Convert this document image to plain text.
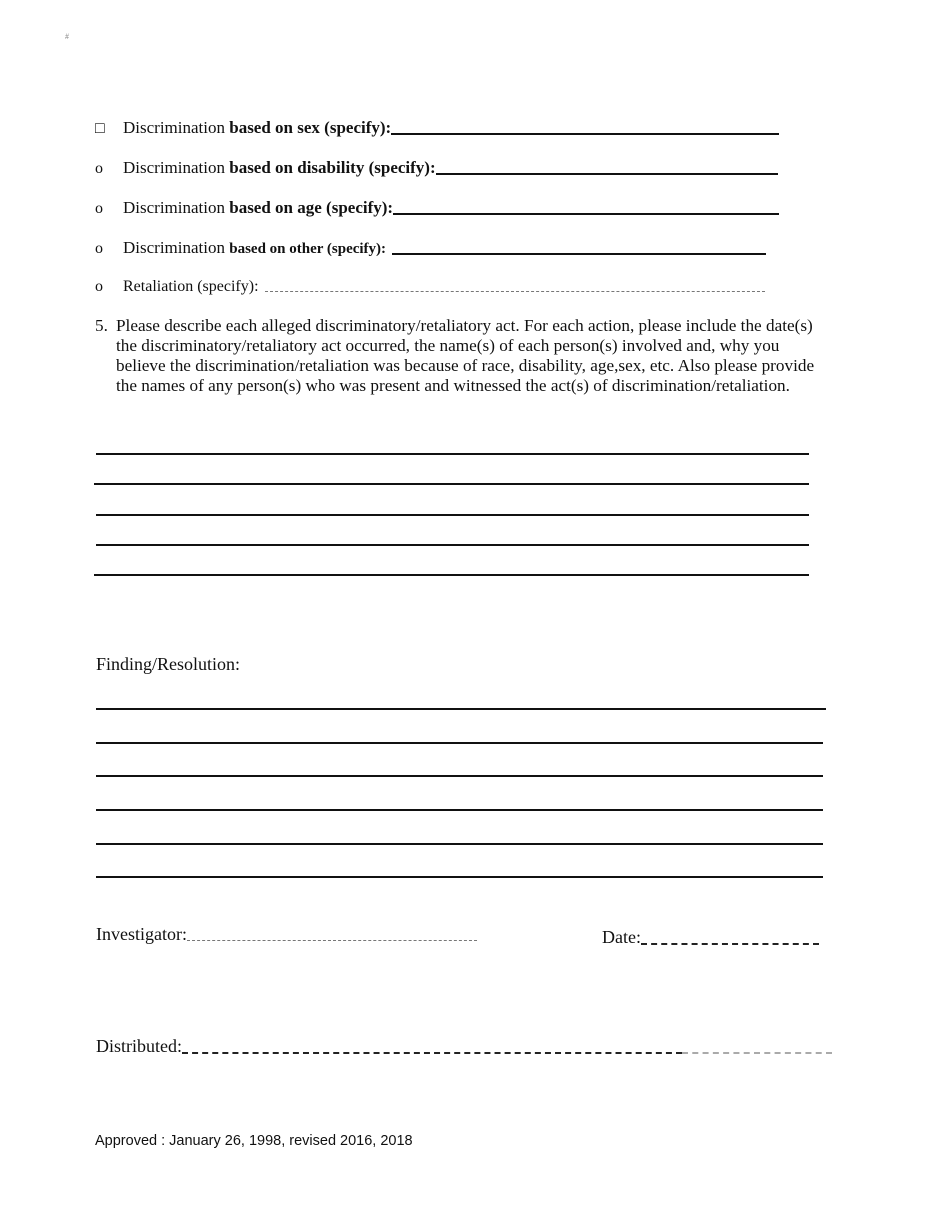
#
□	Discrimination
based on sex (specify):
o	Discrimination
based on disability (specify):
o	Discrimination
based on age (specify):
o	Discrimination
based on other (specify):
o	Retaliation (specify):
5. Please describe each alleged discriminatory/retaliatory act. For each action, please include the date(s) the discriminatory/retaliatory act occurred, the name(s) of each person(s) involved and, why you believe the discrimination/retaliation was because of race, disability, age,sex, etc. Also please provide the names of any person(s) who was present and witnessed the act(s) of discrimination/retaliation.
Finding/Resolution:
Investigator:	Date:
Distributed:
Approved : January 26, 1998, revised 2016, 2018
